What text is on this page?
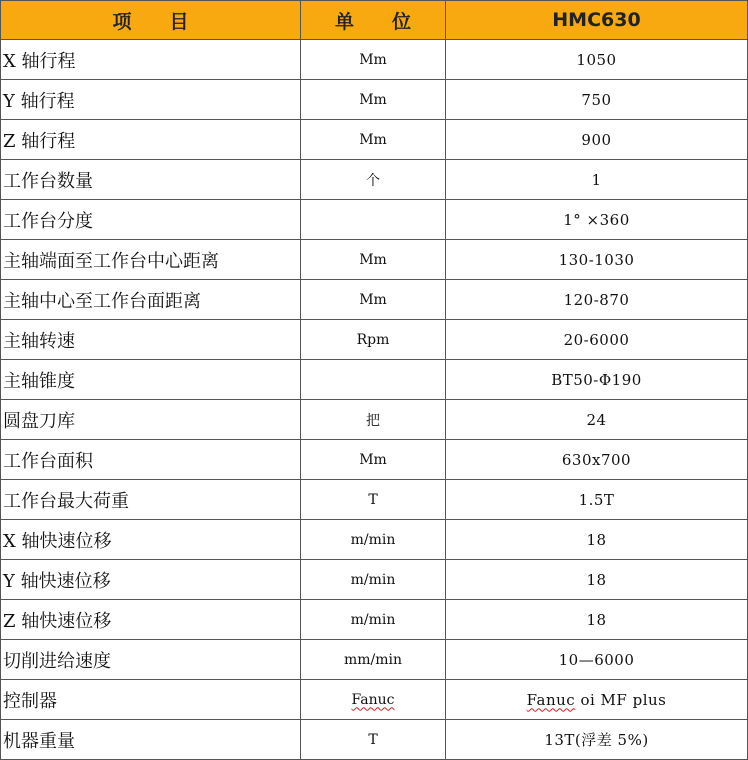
项　　目	单　　位	HMC630
X 轴行程	Mm	1050
Y 轴行程	Mm	750
Z 轴行程	Mm	900
工作台数量	个	1
工作台分度		1° ×360
主轴端面至工作台中心距离	Mm	130-1030
主轴中心至工作台面距离	Mm	120-870
主轴转速	Rpm	20-6000
主轴锥度		BT50-Φ190
圆盘刀库	把	24
工作台面积	Mm	630x700
工作台最大荷重	T	1.5T
X 轴快速位移	m/min	18
Y 轴快速位移	m/min	18
Z 轴快速位移	m/min	18
切削进给速度	mm/min	10—6000
控制器	Fanuc	Fanuc oi MF plus
机器重量	T	13T(浮差 5%)
